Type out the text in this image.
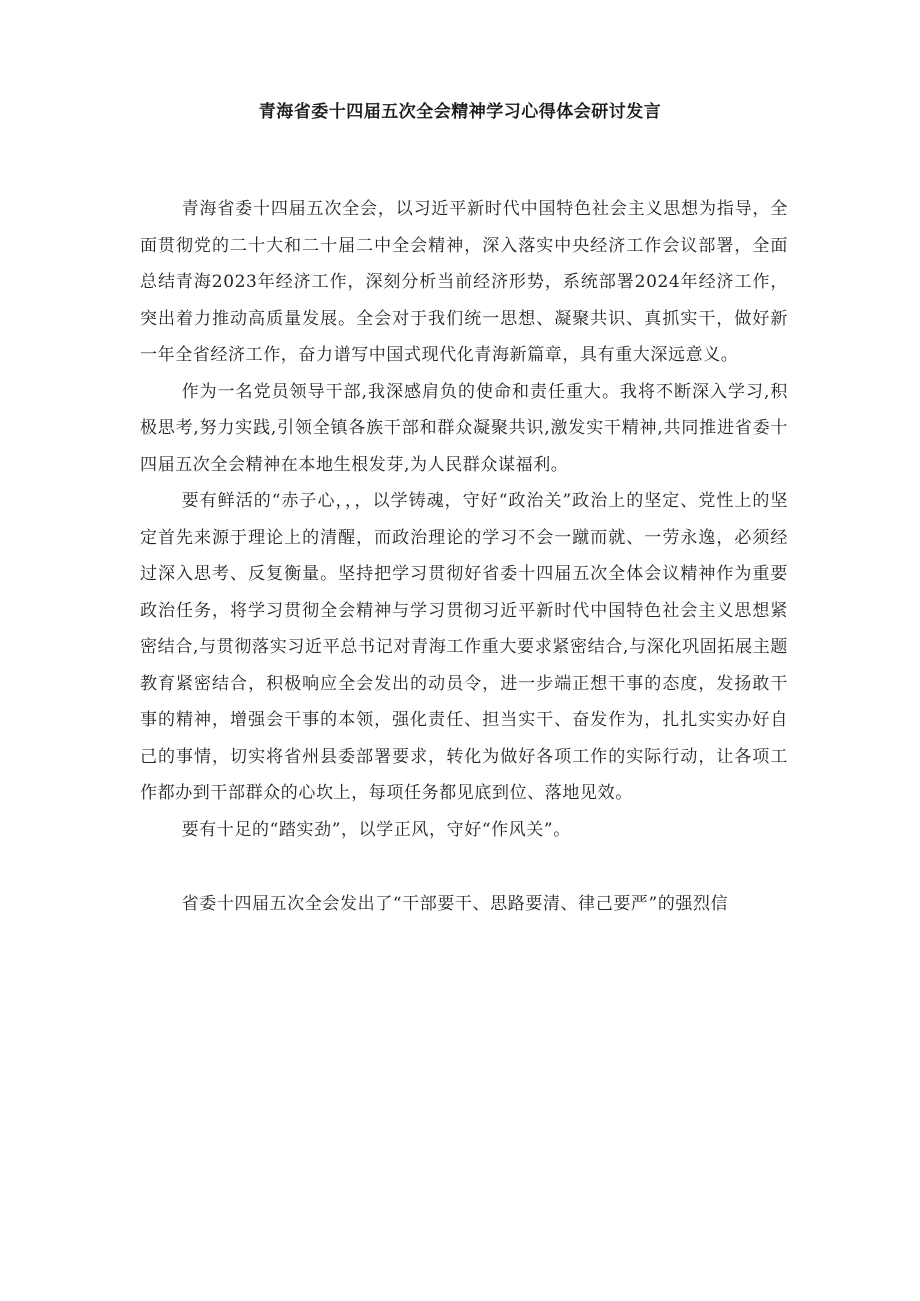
青海省委十四届五次全会精神学习心得体会研讨发言

青海省委十四届五次全会，以习近平新时代中国特色社会主义思想为指导，全面贯彻党的二十大和二十届二中全会精神，深入落实中央经济工作会议部署，全面总结青海2023年经济工作，深刻分析当前经济形势，系统部署2024年经济工作，突出着力推动高质量发展。全会对于我们统一思想、凝聚共识、真抓实干，做好新一年全省经济工作，奋力谱写中国式现代化青海新篇章，具有重大深远意义。

作为一名党员领导干部,我深感肩负的使命和责任重大。我将不断深入学习,积极思考,努力实践,引领全镇各族干部和群众凝聚共识,激发实干精神,共同推进省委十四届五次全会精神在本地生根发芽,为人民群众谋福利。

要有鲜活的“赤子心，，，以学铸魂，守好“政治关”政治上的坚定、党性上的坚定首先来源于理论上的清醒，而政治理论的学习不会一蹴而就、一劳永逸，必须经过深入思考、反复衡量。坚持把学习贯彻好省委十四届五次全体会议精神作为重要政治任务，将学习贯彻全会精神与学习贯彻习近平新时代中国特色社会主义思想紧密结合,与贯彻落实习近平总书记对青海工作重大要求紧密结合,与深化巩固拓展主题教育紧密结合，积极响应全会发出的动员令，进一步端正想干事的态度，发扬敢干事的精神，增强会干事的本领，强化责任、担当实干、奋发作为，扎扎实实办好自己的事情，切实将省州县委部署要求，转化为做好各项工作的实际行动，让各项工作都办到干部群众的心坎上，每项任务都见底到位、落地见效。

要有十足的“踏实劲”，以学正风，守好“作风关”。

省委十四届五次全会发出了“干部要干、思路要清、律己要严”的强烈信
